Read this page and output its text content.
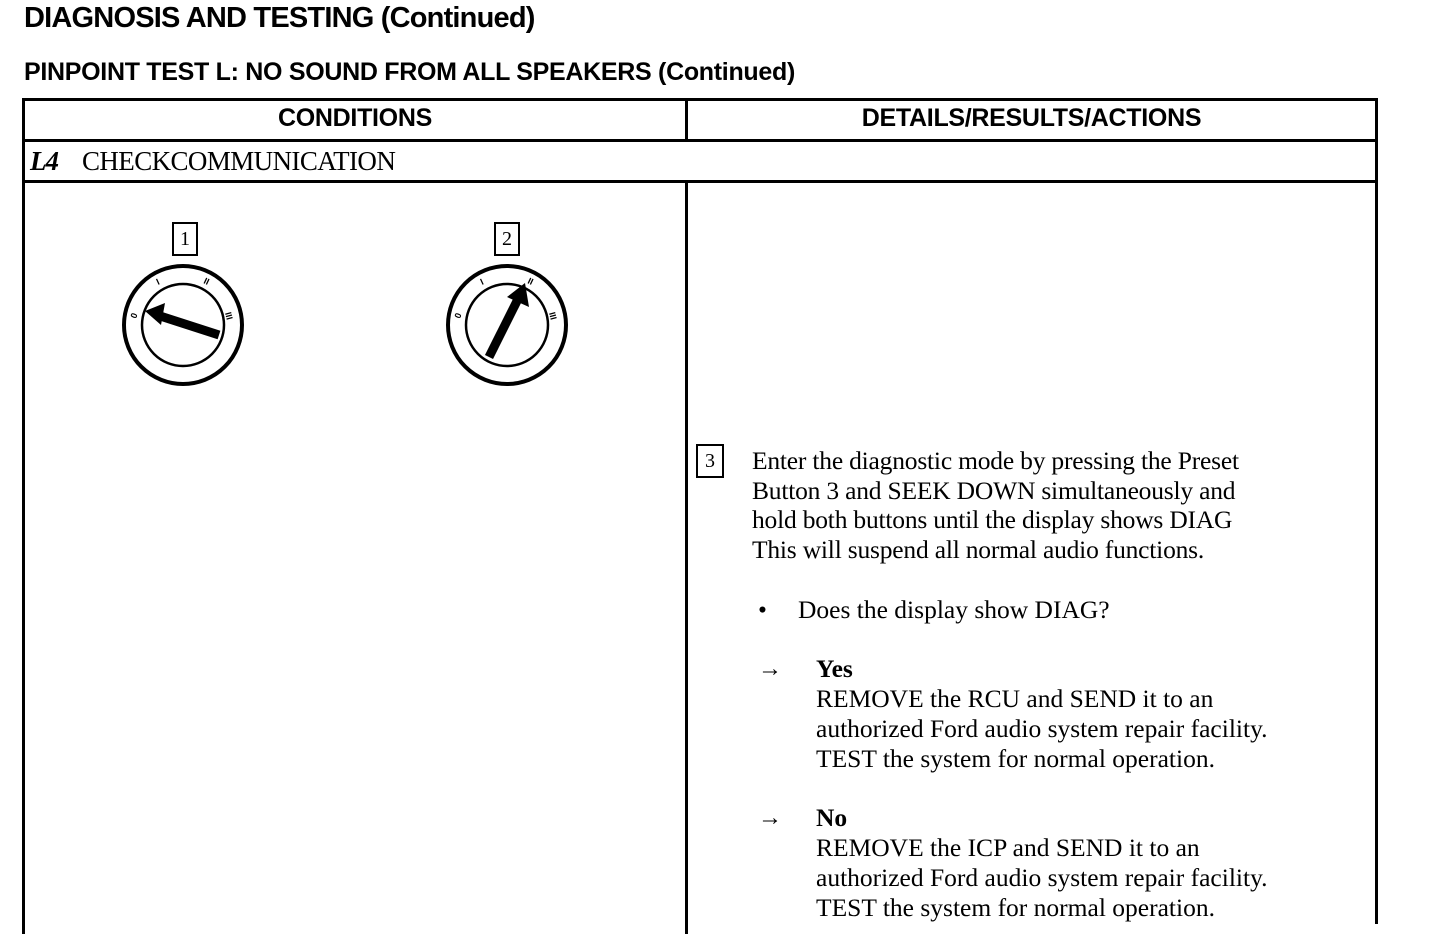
DIAGNOSIS AND TESTING (Continued)
PINPOINT TEST L: NO SOUND FROM ALL SPEAKERS (Continued)
CONDITIONS	DETAILS/RESULTS/ACTIONS
L4 CHECKCOMMUNICATION
1	2
0
I	II
III	0
I	II
III
3	Enter the diagnostic mode by pressing the Preset
Button 3 and SEEK DOWN simultaneously and
hold both buttons until the display shows DIAG
This will suspend all normal audio functions.
• Does the display show DIAG?
→ Yes
REMOVE the RCU and SEND it to an
authorized Ford audio system repair facility.
TEST the system for normal operation.
→ No
REMOVE the ICP and SEND it to an
authorized Ford audio system repair facility.
TEST the system for normal operation.
